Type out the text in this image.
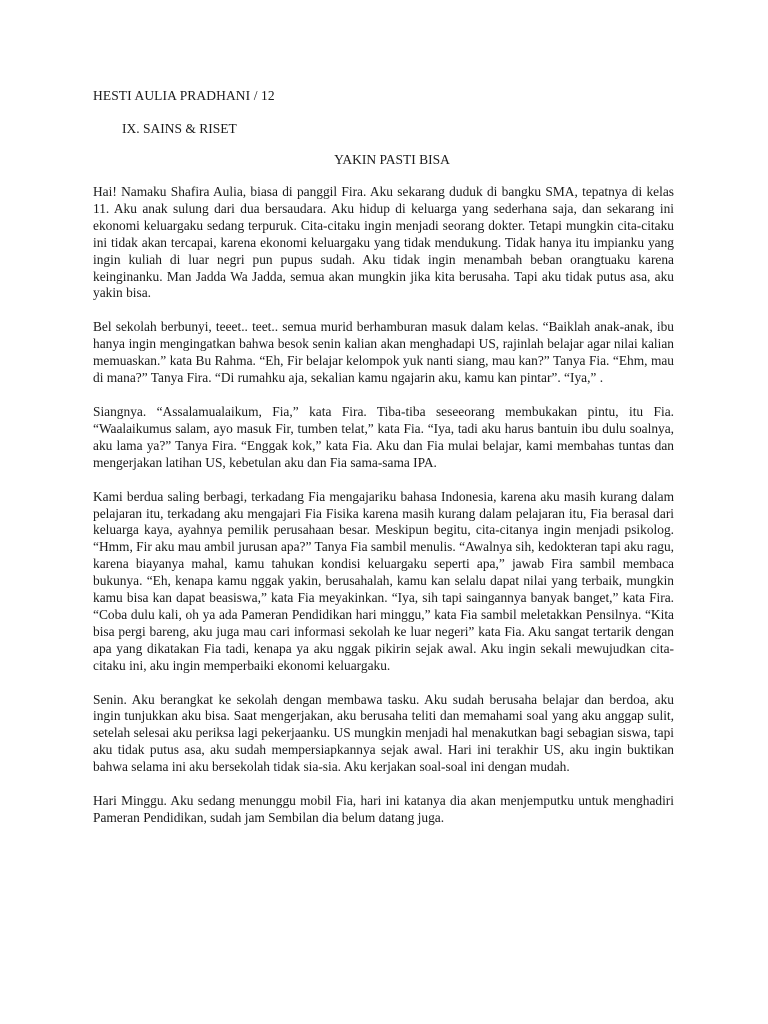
HESTI AULIA PRADHANI / 12
IX. SAINS & RISET
YAKIN PASTI BISA

Hai! Namaku Shafira Aulia, biasa di panggil Fira. Aku sekarang duduk di bangku SMA, tepatnya di kelas 11. Aku anak sulung dari dua bersaudara. Aku hidup di keluarga yang sederhana saja, dan sekarang ini ekonomi keluargaku sedang terpuruk. Cita-citaku ingin menjadi seorang dokter. Tetapi mungkin cita-citaku ini tidak akan tercapai, karena ekonomi keluargaku yang tidak mendukung. Tidak hanya itu impianku yang ingin kuliah di luar negri pun pupus sudah. Aku tidak ingin menambah beban orangtuaku karena keinginanku. Man Jadda Wa Jadda, semua akan mungkin jika kita berusaha. Tapi aku tidak putus asa, aku yakin bisa.

Bel sekolah berbunyi, teeet.. teet.. semua murid berhamburan masuk dalam kelas. “Baiklah anak-anak, ibu hanya ingin mengingatkan bahwa besok senin kalian akan menghadapi US, rajinlah belajar agar nilai kalian memuaskan.” kata Bu Rahma. “Eh, Fir belajar kelompok yuk nanti siang, mau kan?” Tanya Fia. “Ehm, mau di mana?” Tanya Fira. “Di rumahku aja, sekalian kamu ngajarin aku, kamu kan pintar”. “Iya,” .

Siangnya. “Assalamualaikum, Fia,” kata Fira. Tiba-tiba seseeorang membukakan pintu, itu Fia. “Waalaikumus salam, ayo masuk Fir, tumben telat,” kata Fia. “Iya, tadi aku harus bantuin ibu dulu soalnya, aku lama ya?” Tanya Fira. “Enggak kok,” kata Fia. Aku dan Fia mulai belajar, kami membahas tuntas dan mengerjakan latihan US, kebetulan aku dan Fia sama-sama IPA.

Kami berdua saling berbagi, terkadang Fia mengajariku bahasa Indonesia, karena aku masih kurang dalam pelajaran itu, terkadang aku mengajari Fia Fisika karena masih kurang dalam pelajaran itu, Fia berasal dari keluarga kaya, ayahnya pemilik perusahaan besar. Meskipun begitu, cita-citanya ingin menjadi psikolog. “Hmm, Fir aku mau ambil jurusan apa?” Tanya Fia sambil menulis. “Awalnya sih, kedokteran tapi aku ragu, karena biayanya mahal, kamu tahukan kondisi keluargaku seperti apa,” jawab Fira sambil membaca bukunya. “Eh, kenapa kamu nggak yakin, berusahalah, kamu kan selalu dapat nilai yang terbaik, mungkin kamu bisa kan dapat beasiswa,” kata Fia meyakinkan. “Iya, sih tapi saingannya banyak banget,” kata Fira. “Coba dulu kali, oh ya ada Pameran Pendidikan hari minggu,” kata Fia sambil meletakkan Pensilnya. “Kita bisa pergi bareng, aku juga mau cari informasi sekolah ke luar negeri” kata Fia. Aku sangat tertarik dengan apa yang dikatakan Fia tadi, kenapa ya aku nggak pikirin sejak awal. Aku ingin sekali mewujudkan cita-citaku ini, aku ingin memperbaiki ekonomi keluargaku.

Senin. Aku berangkat ke sekolah dengan membawa tasku. Aku sudah berusaha belajar dan berdoa, aku ingin tunjukkan aku bisa. Saat mengerjakan, aku berusaha teliti dan memahami soal yang aku anggap sulit, setelah selesai aku periksa lagi pekerjaanku. US mungkin menjadi hal menakutkan bagi sebagian siswa, tapi aku tidak putus asa, aku sudah mempersiapkannya sejak awal. Hari ini terakhir US, aku ingin buktikan bahwa selama ini aku bersekolah tidak sia-sia. Aku kerjakan soal-soal ini dengan mudah.

Hari Minggu. Aku sedang menunggu mobil Fia, hari ini katanya dia akan menjemputku untuk menghadiri Pameran Pendidikan, sudah jam Sembilan dia belum datang juga.
